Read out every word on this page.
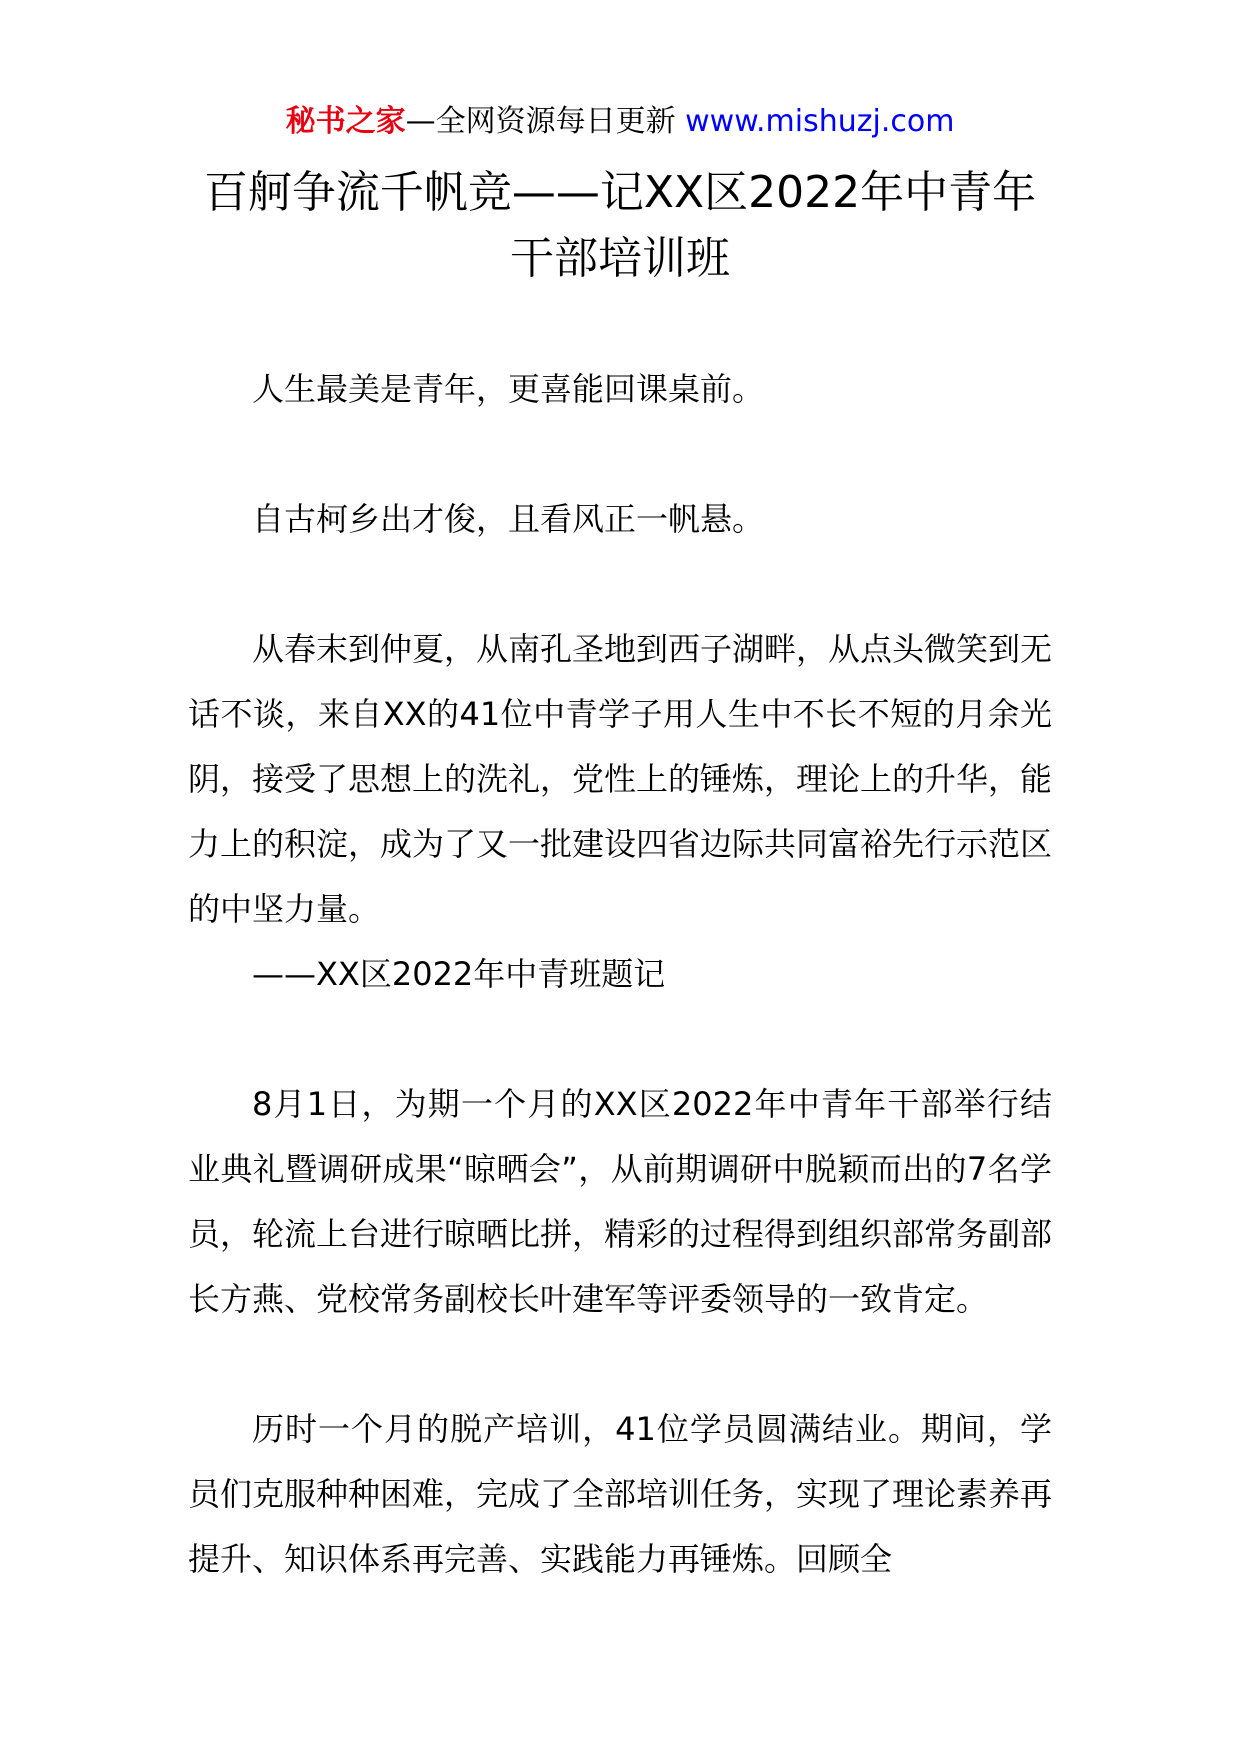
秘书之家—全网资源每日更新 www.mishuzj.com
百舸争流千帆竞——记XX区2022年中青年
干部培训班

人生最美是青年，更喜能回课桌前。

自古柯乡出才俊，且看风正一帆悬。

从春末到仲夏，从南孔圣地到西子湖畔，从点头微笑到无话不谈，来自XX的41位中青学子用人生中不长不短的月余光阴，接受了思想上的洗礼，党性上的锤炼，理论上的升华，能力上的积淀，成为了又一批建设四省边际共同富裕先行示范区的中坚力量。

——XX区2022年中青班题记

8月1日，为期一个月的XX区2022年中青年干部举行结业典礼暨调研成果“晾晒会”，从前期调研中脱颖而出的7名学员，轮流上台进行晾晒比拼，精彩的过程得到组织部常务副部长方燕、党校常务副校长叶建军等评委领导的一致肯定。

历时一个月的脱产培训，41位学员圆满结业。期间，学员们克服种种困难，完成了全部培训任务，实现了理论素养再提升、知识体系再完善、实践能力再锤炼。回顾全
